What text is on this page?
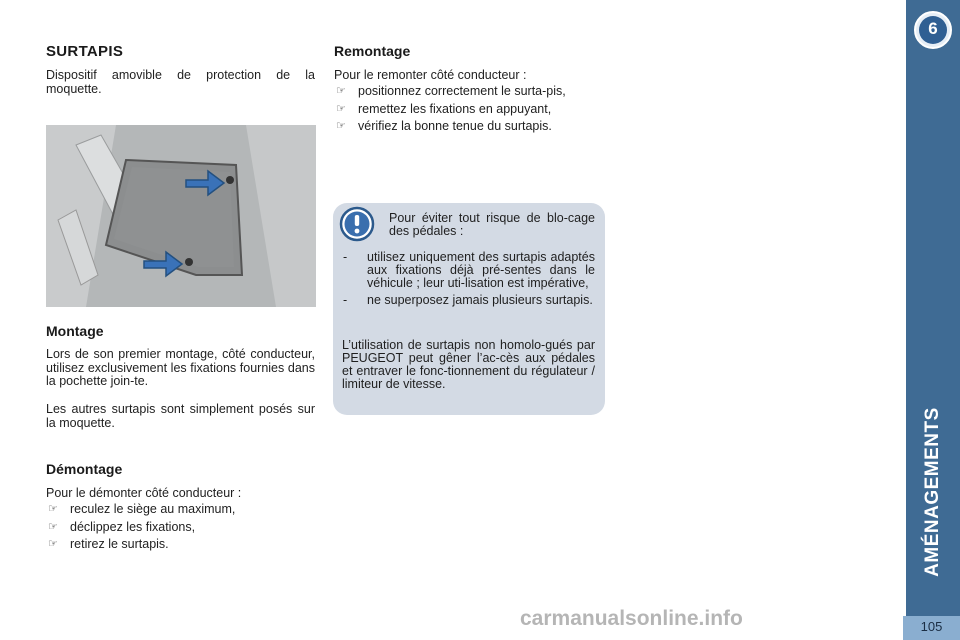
SURTAPIS

Dispositif amovible de protection de la moquette.

Montage

Lors de son premier montage, côté conducteur, utilisez exclusivement les fixations fournies dans la pochette join-te.

Les autres surtapis sont simplement posés sur la moquette.

Démontage

Pour le démonter côté conducteur :

☞ reculez le siège au maximum,
☞ déclippez les fixations,
☞ retirez le surtapis.
Remontage

Pour le remonter côté conducteur :

☞ positionnez correctement le surta-pis,
☞ remettez les fixations en appuyant,
☞ vérifiez la bonne tenue du surtapis.

Pour éviter tout risque de blo-cage des pédales :

- utilisez uniquement des surtapis adaptés aux fixations déjà pré-sentes dans le véhicule ; leur uti-lisation est impérative,
- ne superposez jamais plusieurs surtapis.

L’utilisation de surtapis non homolo-gués par PEUGEOT peut gêner l’ac-cès aux pédales et entraver le fonc-tionnement du régulateur / limiteur de vitesse.

6
AMÉNAGEMENTS
carmanualsonline.info	105
